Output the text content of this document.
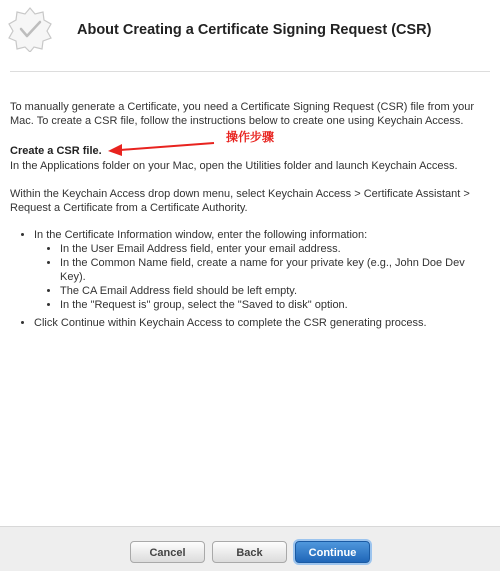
About Creating a Certificate Signing Request (CSR)

To manually generate a Certificate, you need a Certificate Signing Request (CSR) file from your Mac. To create a CSR file, follow the instructions below to create one using Keychain Access.

Create a CSR file.
操作步骤

In the Applications folder on your Mac, open the Utilities folder and launch Keychain Access.

Within the Keychain Access drop down menu, select Keychain Access > Certificate Assistant > Request a Certificate from a Certificate Authority.

• In the Certificate Information window, enter the following information:
• In the User Email Address field, enter your email address.
• In the Common Name field, create a name for your private key (e.g., John Doe Dev Key).
• The CA Email Address field should be left empty.
• In the "Request is" group, select the "Saved to disk" option.
• Click Continue within Keychain Access to complete the CSR generating process.
Cancel	Back	Continue
